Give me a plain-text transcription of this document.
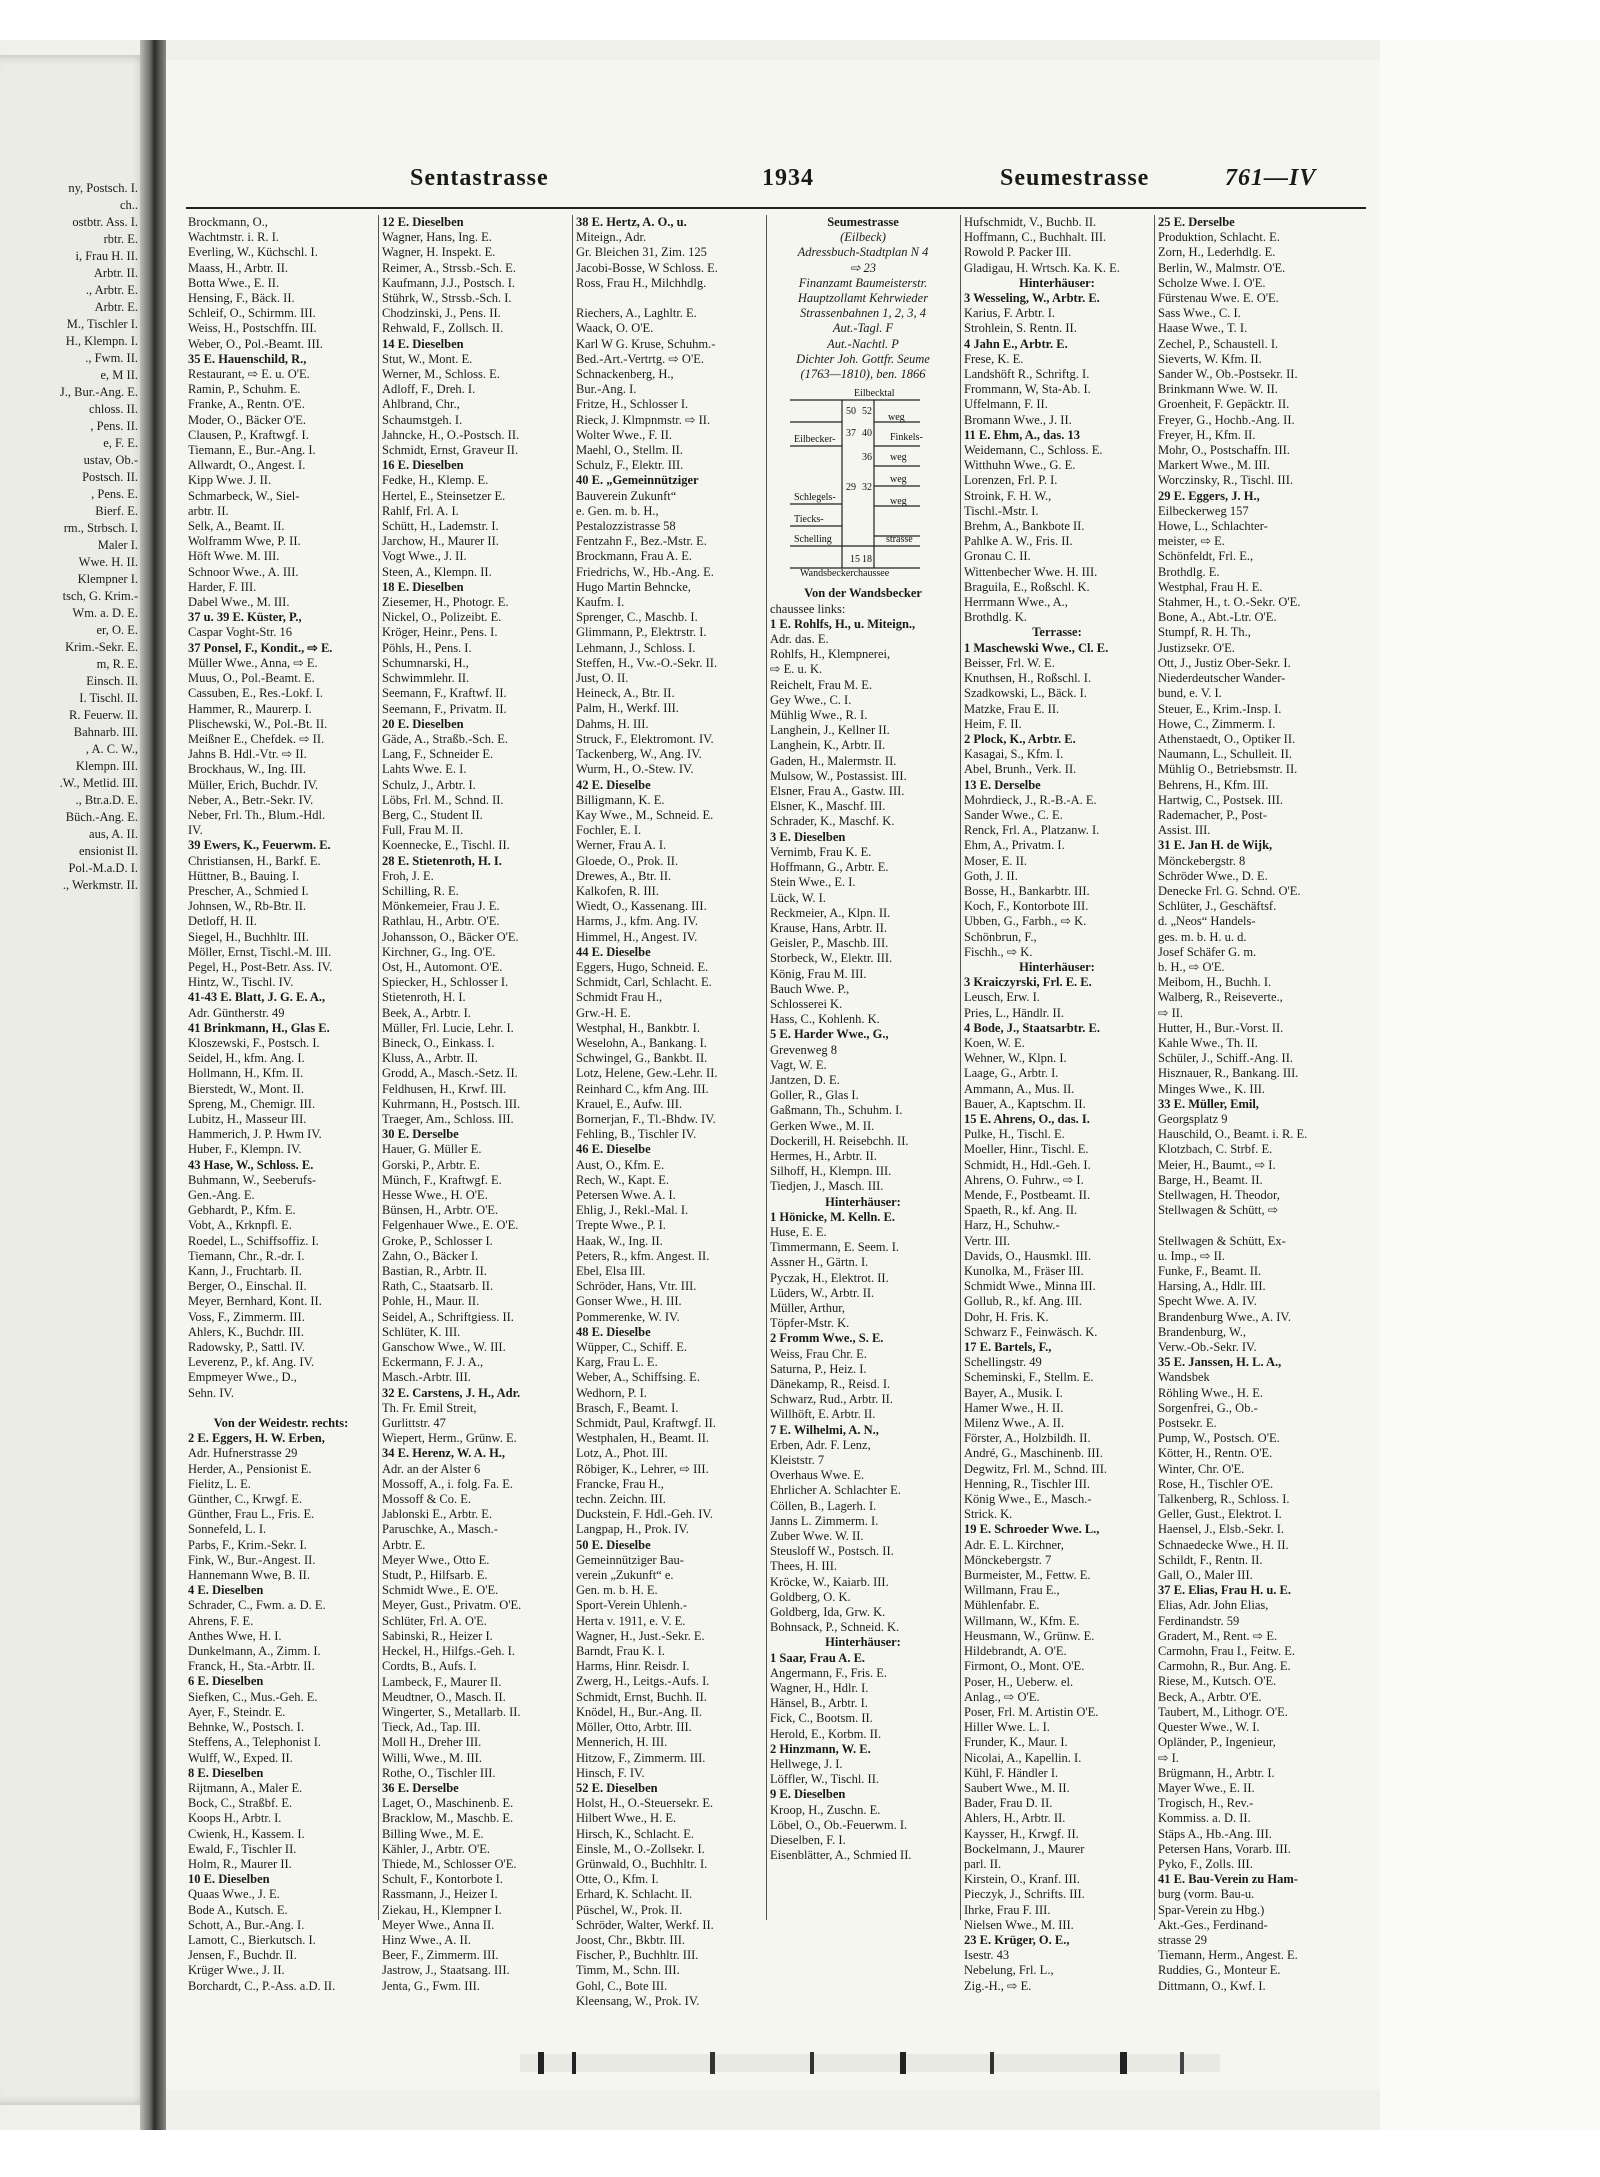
ny, Postsch. I.
ch..
ostbtr. Ass. I.
rbtr. E.
i, Frau H. II.
Arbtr. II.
., Arbtr. E.
Arbtr. E.
M., Tischler I.
H., Klempn. I.
., Fwm. II.
e, M II.
J., Bur.-Ang. E.
chloss. II.
, Pens. II.
e, F. E.
ustav, Ob.-
Postsch. II.
, Pens. E.
Bierf. E.
rm., Strbsch. I.
Maler I.
Wwe. H. II.
Klempner I.
tsch, G. Krim.-
Wm. a. D. E.
er, O. E.
Krim.-Sekr. E.
m, R. E.
Einsch. II.
I. Tischl. II.
R. Feuerw. II.
Bahnarb. III.
, A. C. W.,
Klempn. III.
.W., Metlid. III.
., Btr.a.D. E.
Büch.-Ang. E.
aus, A. II.
ensionist II.
Pol.-M.a.D. I.
., Werkmstr. II.
Sentastrasse	1934	Seumestrasse	761—IV
Brockmann, O.,
Wachtmstr. i. R. I.
Everling, W., Küchschl. I.
Maass, H., Arbtr. II.
Botta Wwe., E. II.
Hensing, F., Bäck. II.
Schleif, O., Schirmm. III.
Weiss, H., Postschffn. III.
Weber, O., Pol.-Beamt. III.
35 E. Hauenschild, R.,
Restaurant, ⇨ E. u. O'E.
Ramin, P., Schuhm. E.
Franke, A., Rentn. O'E.
Moder, O., Bäcker O'E.
Clausen, P., Kraftwgf. I.
Tiemann, E., Bur.-Ang. I.
Allwardt, O., Angest. I.
Kipp Wwe. J. II.
Schmarbeck, W., Siel-
arbtr. II.
Selk, A., Beamt. II.
Wolframm Wwe, P. II.
Höft Wwe. M. III.
Schnoor Wwe., A. III.
Harder, F. III.
Dabel Wwe., M. III.
37 u. 39 E. Küster, P.,
Caspar Voght-Str. 16
37 Ponsel, F., Kondit., ⇨ E.
Müller Wwe., Anna, ⇨ E.
Muus, O., Pol.-Beamt. E.
Cassuben, E., Res.-Lokf. I.
Hammer, R., Maurerp. I.
Plischewski, W., Pol.-Bt. II.
Meißner E., Chefdek. ⇨ II.
Jahns B. Hdl.-Vtr. ⇨ II.
Brockhaus, W., Ing. III.
Müller, Erich, Buchdr. IV.
Neber, A., Betr.-Sekr. IV.
Neber, Frl. Th., Blum.-Hdl.
IV.
39 Ewers, K., Feuerwm. E.
Christiansen, H., Barkf. E.
Hüttner, B., Bauing. I.
Prescher, A., Schmied I.
Johnsen, W., Rb-Btr. II.
Detloff, H. II.
Siegel, H., Buchhltr. III.
Möller, Ernst, Tischl.-M. III.
Pegel, H., Post-Betr. Ass. IV.
Hintz, W., Tischl. IV.
41-43 E. Blatt, J. G. E. A.,
Adr. Güntherstr. 49
41 Brinkmann, H., Glas E.
Kloszewski, F., Postsch. I.
Seidel, H., kfm. Ang. I.
Hollmann, H., Kfm. II.
Bierstedt, W., Mont. II.
Spreng, M., Chemigr. III.
Lubitz, H., Masseur III.
Hammerich, J. P. Hwm IV.
Huber, F., Klempn. IV.
43 Hase, W., Schloss. E.
Buhmann, W., Seeberufs-
Gen.-Ang. E.
Gebhardt, P., Kfm. E.
Vobt, A., Krknpfl. E.
Roedel, L., Schiffsoffiz. I.
Tiemann, Chr., R.-dr. I.
Kann, J., Fruchtarb. II.
Berger, O., Einschal. II.
Meyer, Bernhard, Kont. II.
Voss, F., Zimmerm. III.
Ahlers, K., Buchdr. III.
Radowsky, P., Sattl. IV.
Leverenz, P., kf. Ang. IV.
Empmeyer Wwe., D.,
Sehn. IV.
Von der Weidestr. rechts:
2 E. Eggers, H. W. Erben,
Adr. Hufnerstrasse 29
Herder, A., Pensionist E.
Fielitz, L. E.
Günther, C., Krwgf. E.
Günther, Frau L., Fris. E.
Sonnefeld, L. I.
Parbs, F., Krim.-Sekr. I.
Fink, W., Bur.-Angest. II.
Hannemann Wwe, B. II.
4 E. Dieselben
Schrader, C., Fwm. a. D. E.
Ahrens, F. E.
Anthes Wwe, H. I.
Dunkelmann, A., Zimm. I.
Franck, H., Sta.-Arbtr. II.
6 E. Dieselben
Siefken, C., Mus.-Geh. E.
Ayer, F., Steindr. E.
Behnke, W., Postsch. I.
Steffens, A., Telephonist I.
Wulff, W., Exped. II.
8 E. Dieselben
Rijtmann, A., Maler E.
Bock, C., Straßbf. E.
Koops H., Arbtr. I.
Cwienk, H., Kassem. I.
Ewald, F., Tischler II.
Holm, R., Maurer II.
10 E. Dieselben
Quaas Wwe., J. E.
Bode A., Kutsch. E.
Schott, A., Bur.-Ang. I.
Lamott, C., Bierkutsch. I.
Jensen, F., Buchdr. II.
Krüger Wwe., J. II.
Borchardt, C., P.-Ass. a.D. II.
12 E. Dieselben
Wagner, Hans, Ing. E.
Wagner, H. Inspekt. E.
Reimer, A., Strssb.-Sch. E.
Kaufmann, J.J., Postsch. I.
Stührk, W., Strssb.-Sch. I.
Chodzinski, J., Pens. II.
Rehwald, F., Zollsch. II.
14 E. Dieselben
Stut, W., Mont. E.
Werner, M., Schloss. E.
Adloff, F., Dreh. I.
Ahlbrand, Chr.,
Schaumstgeh. I.
Jahncke, H., O.-Postsch. II.
Schmidt, Ernst, Graveur II.
16 E. Dieselben
Fedke, H., Klemp. E.
Hertel, E., Steinsetzer E.
Rahlf, Frl. A. I.
Schütt, H., Lademstr. I.
Jarchow, H., Maurer II.
Vogt Wwe., J. II.
Steen, A., Klempn. II.
18 E. Dieselben
Ziesemer, H., Photogr. E.
Nickel, O., Polizeibt. E.
Kröger, Heinr., Pens. I.
Pöhls, H., Pens. I.
Schumnarski, H.,
Schwimmlehr. II.
Seemann, F., Kraftwf. II.
Seemann, F., Privatm. II.
20 E. Dieselben
Gäde, A., Straßb.-Sch. E.
Lang, F., Schneider E.
Lahts Wwe. E. I.
Schulz, J., Arbtr. I.
Löbs, Frl. M., Schnd. II.
Berg, C., Student II.
Full, Frau M. II.
Koennecke, E., Tischl. II.
28 E. Stietenroth, H. I.
Froh, J. E.
Schilling, R. E.
Mönkemeier, Frau J. E.
Rathlau, H., Arbtr. O'E.
Johansson, O., Bäcker O'E.
Kirchner, G., Ing. O'E.
Ost, H., Automont. O'E.
Spiecker, H., Schlosser I.
Stietenroth, H. I.
Beek, A., Arbtr. I.
Müller, Frl. Lucie, Lehr. I.
Bineck, O., Einkass. I.
Kluss, A., Arbtr. II.
Grodd, A., Masch.-Setz. II.
Feldhusen, H., Krwf. III.
Kuhrmann, H., Postsch. III.
Traeger, Am., Schloss. III.
30 E. Derselbe
Hauer, G. Müller E.
Gorski, P., Arbtr. E.
Münch, F., Kraftwgf. E.
Hesse Wwe., H. O'E.
Bünsen, H., Arbtr. O'E.
Felgenhauer Wwe., E. O'E.
Groke, P., Schlosser I.
Zahn, O., Bäcker I.
Bastian, R., Arbtr. II.
Rath, C., Staatsarb. II.
Pohle, H., Maur. II.
Seidel, A., Schriftgiess. II.
Schlüter, K. III.
Ganschow Wwe., W. III.
Eckermann, F. J. A.,
Masch.-Arbtr. III.
32 E. Carstens, J. H., Adr.
Th. Fr. Emil Streit,
Gurlittstr. 47
Wiepert, Herm., Grünw. E.
34 E. Herenz, W. A. H.,
Adr. an der Alster 6
Mossoff, A., i. folg. Fa. E.
Mossoff & Co. E.
Jablonski E., Arbtr. E.
Paruschke, A., Masch.-
Arbtr. E.
Meyer Wwe., Otto E.
Studt, P., Hilfsarb. E.
Schmidt Wwe., E. O'E.
Meyer, Gust., Privatm. O'E.
Schlüter, Frl. A. O'E.
Sabinski, R., Heizer I.
Heckel, H., Hilfgs.-Geh. I.
Cordts, B., Aufs. I.
Lambeck, F., Maurer II.
Meudtner, O., Masch. II.
Wingerter, S., Metallarb. II.
Tieck, Ad., Tap. III.
Moll H., Dreher III.
Willi, Wwe., M. III.
Rothe, O., Tischler III.
36 E. Derselbe
Laget, O., Maschinenb. E.
Bracklow, M., Maschb. E.
Billing Wwe., M. E.
Kähler, J., Arbtr. O'E.
Thiede, M., Schlosser O'E.
Schult, F., Kontorbote I.
Rassmann, J., Heizer I.
Ziekau, H., Klempner I.
Meyer Wwe., Anna II.
Hinz Wwe., A. II.
Beer, F., Zimmerm. III.
Jastrow, J., Staatsang. III.
Jenta, G., Fwm. III.
38 E. Hertz, A. O., u.
Miteign., Adr.
Gr. Bleichen 31, Zim. 125
Jacobi-Bosse, W Schloss. E.
Ross, Frau H., Milchhdlg.
Riechers, A., Laghltr. E.
Waack, O. O'E.
Karl W G. Kruse, Schuhm.-
Bed.-Art.-Vertrtg. ⇨ O'E.
Schnackenberg, H.,
Bur.-Ang. I.
Fritze, H., Schlosser I.
Rieck, J. Klmpnmstr. ⇨ II.
Wolter Wwe., F. II.
Maehl, O., Stellm. II.
Schulz, F., Elektr. III.
40 E. „Gemeinnütziger
Bauverein Zukunft“
e. Gen. m. b. H.,
Pestalozzistrasse 58
Fentzahn F., Bez.-Mstr. E.
Brockmann, Frau A. E.
Friedrichs, W., Hb.-Ang. E.
Hugo Martin Behncke,
Kaufm. I.
Sprenger, C., Maschb. I.
Glimmann, P., Elektrstr. I.
Lehmann, J., Schloss. I.
Steffen, H., Vw.-O.-Sekr. II.
Just, O. II.
Heineck, A., Btr. II.
Palm, H., Werkf. III.
Dahms, H. III.
Struck, F., Elektromont. IV.
Tackenberg, W., Ang. IV.
Wurm, H., O.-Stew. IV.
42 E. Dieselbe
Billigmann, K. E.
Kay Wwe., M., Schneid. E.
Fochler, E. I.
Werner, Frau A. I.
Gloede, O., Prok. II.
Drewes, A., Btr. II.
Kalkofen, R. III.
Wiedt, O., Kassenang. III.
Harms, J., kfm. Ang. IV.
Himmel, H., Angest. IV.
44 E. Dieselbe
Eggers, Hugo, Schneid. E.
Schmidt, Carl, Schlacht. E.
Schmidt Frau H.,
Grw.-H. E.
Westphal, H., Bankbtr. I.
Weselohn, A., Bankang. I.
Schwingel, G., Bankbt. II.
Lotz, Helene, Gew.-Lehr. II.
Reinhard C., kfm Ang. III.
Krauel, E., Aufw. III.
Bornerjan, F., Tl.-Bhdw. IV.
Fehling, B., Tischler IV.
46 E. Dieselbe
Aust, O., Kfm. E.
Rech, W., Kapt. E.
Petersen Wwe. A. I.
Ehlig, J., Rekl.-Mal. I.
Trepte Wwe., P. I.
Haak, W., Ing. II.
Peters, R., kfm. Angest. II.
Ebel, Elsa III.
Schröder, Hans, Vtr. III.
Gonser Wwe., H. III.
Pommerenke, W. IV.
48 E. Dieselbe
Wüpper, C., Schiff. E.
Karg, Frau L. E.
Weber, A., Schiffsing. E.
Wedhorn, P. I.
Brasch, F., Beamt. I.
Schmidt, Paul, Kraftwgf. II.
Westphalen, H., Beamt. II.
Lotz, A., Phot. III.
Röbiger, K., Lehrer, ⇨ III.
Francke, Frau H.,
techn. Zeichn. III.
Duckstein, F. Hdl.-Geh. IV.
Langpap, H., Prok. IV.
50 E. Dieselbe
Gemeinnütziger Bau-
verein „Zukunft“ e.
Gen. m. b. H. E.
Sport-Verein Uhlenh.-
Herta v. 1911, e. V. E.
Wagner, H., Just.-Sekr. E.
Barndt, Frau K. I.
Harms, Hinr. Reisdr. I.
Zwerg, H., Leitgs.-Aufs. I.
Schmidt, Ernst, Buchh. II.
Knödel, H., Bur.-Ang. II.
Möller, Otto, Arbtr. III.
Mennerich, H. III.
Hitzow, F., Zimmerm. III.
Hinsch, F. IV.
52 E. Dieselben
Holst, H., O.-Steuersekr. E.
Hilbert Wwe., H. E.
Hirsch, K., Schlacht. E.
Einsle, M., O.-Zollsekr. I.
Grünwald, O., Buchhltr. I.
Otte, O., Kfm. I.
Erhard, K. Schlacht. II.
Püschel, W., Prok. II.
Schröder, Walter, Werkf. II.
Joost, Chr., Bkbtr. III.
Fischer, P., Buchhltr. III.
Timm, M., Schn. III.
Gohl, C., Bote III.
Kleensang, W., Prok. IV.
Seumestrasse
(Eilbeck)
Adressbuch-Stadtplan N 4
⇨ 23
Finanzamt Baumeisterstr.
Hauptzollamt Kehrwieder
Strassenbahnen 1, 2, 3, 4
Aut.-Tagl. F
Aut.-Nachtl. P
Dichter Joh. Gottfr. Seume
(1763—1810), ben. 1866
Eilbecktal
Eilbecker-
weg
Finkels-
weg
weg
Schlegels-	weg
Tiecks-
Schelling	strasse
50 52
37 40
36
29 32
15 18
Wandsbeckerchaussee
Von der Wandsbecker
chaussee links:
1 E. Rohlfs, H., u. Miteign.,
Adr. das. E.
Rohlfs, H., Klempnerei,
⇨ E. u. K.
Reichelt, Frau M. E.
Gey Wwe., C. I.
Mühlig Wwe., R. I.
Langhein, J., Kellner II.
Langhein, K., Arbtr. II.
Gaden, H., Malermstr. II.
Mulsow, W., Postassist. III.
Elsner, Frau A., Gastw. III.
Elsner, K., Maschf. III.
Schrader, K., Maschf. K.
3 E. Dieselben
Vernimb, Frau K. E.
Hoffmann, G., Arbtr. E.
Stein Wwe., E. I.
Lück, W. I.
Reckmeier, A., Klpn. II.
Krause, Hans, Arbtr. II.
Geisler, P., Maschb. III.
Storbeck, W., Elektr. III.
König, Frau M. III.
Bauch Wwe. P.,
Schlosserei K.
Hass, C., Kohlenh. K.
5 E. Harder Wwe., G.,
Grevenweg 8
Vagt, W. E.
Jantzen, D. E.
Goller, R., Glas I.
Gaßmann, Th., Schuhm. I.
Gerken Wwe., M. II.
Dockerill, H. Reisebchh. II.
Hermes, H., Arbtr. II.
Silhoff, H., Klempn. III.
Tiedjen, J., Masch. III.
Hinterhäuser:
1 Hönicke, M. Kelln. E.
Huse, E. E.
Timmermann, E. Seem. I.
Assner H., Gärtn. I.
Pyczak, H., Elektrot. II.
Lüders, W., Arbtr. II.
Müller, Arthur,
Töpfer-Mstr. K.
2 Fromm Wwe., S. E.
Weiss, Frau Chr. E.
Saturna, P., Heiz. I.
Dänekamp, R., Reisd. I.
Schwarz, Rud., Arbtr. II.
Willhöft, E. Arbtr. II.
7 E. Wilhelmi, A. N.,
Erben, Adr. F. Lenz,
Kleiststr. 7
Overhaus Wwe. E.
Ehrlicher A. Schlachter E.
Cöllen, B., Lagerh. I.
Janns L. Zimmerm. I.
Zuber Wwe. W. II.
Steusloff W., Postsch. II.
Thees, H. III.
Kröcke, W., Kaiarb. III.
Goldberg, O. K.
Goldberg, Ida, Grw. K.
Bohnsack, P., Schneid. K.
Hinterhäuser:
1 Saar, Frau A. E.
Angermann, F., Fris. E.
Wagner, H., Hdlr. I.
Hänsel, B., Arbtr. I.
Fick, C., Bootsm. II.
Herold, E., Korbm. II.
2 Hinzmann, W. E.
Hellwege, J. I.
Löffler, W., Tischl. II.
9 E. Dieselben
Kroop, H., Zuschn. E.
Löbel, O., Ob.-Feuerwm. I.
Dieselben, F. I.
Eisenblätter, A., Schmied II.
Hufschmidt, V., Buchb. II.
Hoffmann, C., Buchhalt. III.
Rowold P. Packer III.
Gladigau, H. Wrtsch. Ka. K. E.
Hinterhäuser:
3 Wesseling, W., Arbtr. E.
Karius, F. Arbtr. I.
Strohlein, S. Rentn. II.
4 Jahn E., Arbtr. E.
Frese, K. E.
Landshöft R., Schriftg. I.
Frommann, W, Sta-Ab. I.
Uffelmann, F. II.
Bromann Wwe., J. II.
11 E. Ehm, A., das. 13
Weidemann, C., Schloss. E.
Witthuhn Wwe., G. E.
Lorenzen, Frl. P. I.
Stroink, F. H. W.,
Tischl.-Mstr. I.
Brehm, A., Bankbote II.
Pahlke A. W., Fris. II.
Gronau C. II.
Wittenbecher Wwe. H. III.
Braguila, E., Roßschl. K.
Herrmann Wwe., A.,
Brothdlg. K.
Terrasse:
1 Maschewski Wwe., Cl. E.
Beisser, Frl. W. E.
Knuthsen, H., Roßschl. I.
Szadkowski, L., Bäck. I.
Matzke, Frau E. II.
Heim, F. II.
2 Plock, K., Arbtr. E.
Kasagai, S., Kfm. I.
Abel, Brunh., Verk. II.
13 E. Derselbe
Mohrdieck, J., R.-B.-A. E.
Sander Wwe., C. E.
Renck, Frl. A., Platzanw. I.
Ehm, A., Privatm. I.
Moser, E. II.
Goth, J. II.
Bosse, H., Bankarbtr. III.
Koch, F., Kontorbote III.
Ubben, G., Farbh., ⇨ K.
Schönbrun, F.,
Fischh., ⇨ K.
Hinterhäuser:
3 Kraiczyrski, Frl. E. E.
Leusch, Erw. I.
Pries, L., Händlr. II.
4 Bode, J., Staatsarbtr. E.
Koen, W. E.
Wehner, W., Klpn. I.
Laage, G., Arbtr. I.
Ammann, A., Mus. II.
Bauer, A., Kaptschm. II.
15 E. Ahrens, O., das. I.
Pulke, H., Tischl. E.
Moeller, Hinr., Tischl. E.
Schmidt, H., Hdl.-Geh. I.
Ahrens, O. Fuhrw., ⇨ I.
Mende, F., Postbeamt. II.
Spaeth, R., kf. Ang. II.
Harz, H., Schuhw.-
Vertr. III.
Davids, O., Hausmkl. III.
Kunolka, M., Fräser III.
Schmidt Wwe., Minna III.
Gollub, R., kf. Ang. III.
Dohr, H. Fris. K.
Schwarz F., Feinwäsch. K.
17 E. Bartels, F.,
Schellingstr. 49
Scheminski, F., Stellm. E.
Bayer, A., Musik. I.
Hamer Wwe., H. II.
Milenz Wwe., A. II.
Förster, A., Holzbildh. II.
André, G., Maschinenb. III.
Degwitz, Frl. M., Schnd. III.
Henning, R., Tischler III.
König Wwe., E., Masch.-
Strick. K.
19 E. Schroeder Wwe. L.,
Adr. E. L. Kirchner,
Mönckebergstr. 7
Burmeister, M., Fettw. E.
Willmann, Frau E.,
Mühlenfabr. E.
Willmann, W., Kfm. E.
Heusmann, W., Grünw. E.
Hildebrandt, A. O'E.
Firmont, O., Mont. O'E.
Poser, H., Ueberw. el.
Anlag., ⇨ O'E.
Poser, Frl. M. Artistin O'E.
Hiller Wwe. L. I.
Frunder, K., Maur. I.
Nicolai, A., Kapellin. I.
Kühl, F. Händler I.
Saubert Wwe., M. II.
Bader, Frau D. II.
Ahlers, H., Arbtr. II.
Kaysser, H., Krwgf. II.
Bockelmann, J., Maurer
parl. II.
Kirstein, O., Kranf. III.
Pieczyk, J., Schrifts. III.
Ihrke, Frau F. III.
Nielsen Wwe., M. III.
23 E. Krüger, O. E.,
Isestr. 43
Nebelung, Frl. L.,
Zig.-H., ⇨ E.
25 E. Derselbe
Produktion, Schlacht. E.
Zorn, H., Lederhdlg. E.
Berlin, W., Malmstr. O'E.
Scholze Wwe. I. O'E.
Fürstenau Wwe. E. O'E.
Sass Wwe., C. I.
Haase Wwe., T. I.
Zechel, P., Schaustell. I.
Sieverts, W. Kfm. II.
Sander W., Ob.-Postsekr. II.
Brinkmann Wwe. W. II.
Groenheit, F. Gepäcktr. II.
Freyer, G., Hochb.-Ang. II.
Freyer, H., Kfm. II.
Mohr, O., Postschaffn. III.
Markert Wwe., M. III.
Worczinsky, R., Tischl. III.
29 E. Eggers, J. H.,
Eilbeckerweg 157
Howe, L., Schlachter-
meister, ⇨ E.
Schönfeldt, Frl. E.,
Brothdlg. E.
Westphal, Frau H. E.
Stahmer, H., t. O.-Sekr. O'E.
Bone, A., Abt.-Ltr. O'E.
Stumpf, R. H. Th.,
Justizsekr. O'E.
Ott, J., Justiz Ober-Sekr. I.
Niederdeutscher Wander-
bund, e. V. I.
Steuer, E., Krim.-Insp. I.
Howe, C., Zimmerm. I.
Athenstaedt, O., Optiker II.
Naumann, L., Schulleit. II.
Mühlig O., Betriebsmstr. II.
Behrens, H., Kfm. III.
Hartwig, C., Postsek. III.
Rademacher, P., Post-
Assist. III.
31 E. Jan H. de Wijk,
Mönckebergstr. 8
Schröder Wwe., D. E.
Denecke Frl. G. Schnd. O'E.
Schlüter, J., Geschäftsf.
d. „Neos“ Handels-
ges. m. b. H. u. d.
Josef Schäfer G. m.
b. H., ⇨ O'E.
Meibom, H., Buchh. I.
Walberg, R., Reiseverte.,
⇨ II.
Hutter, H., Bur.-Vorst. II.
Kahle Wwe., Th. II.
Schüler, J., Schiff.-Ang. II.
Hisznauer, R., Bankang. III.
Minges Wwe., K. III.
33 E. Müller, Emil,
Georgsplatz 9
Hauschild, O., Beamt. i. R. E.
Klotzbach, C. Strbf. E.
Meier, H., Baumt., ⇨ I.
Barge, H., Beamt. II.
Stellwagen, H. Theodor,
Stellwagen & Schütt, ⇨
Stellwagen & Schütt, Ex-
u. Imp., ⇨ II.
Funke, F., Beamt. II.
Harsing, A., Hdlr. III.
Specht Wwe. A. IV.
Brandenburg Wwe., A. IV.
Brandenburg, W.,
Verw.-Ob.-Sekr. IV.
35 E. Janssen, H. L. A.,
Wandsbek
Röhling Wwe., H. E.
Sorgenfrei, G., Ob.-
Postsekr. E.
Pump, W., Postsch. O'E.
Kötter, H., Rentn. O'E.
Winter, Chr. O'E.
Rose, H., Tischler O'E.
Talkenberg, R., Schloss. I.
Geller, Gust., Elektrot. I.
Haensel, J., Elsb.-Sekr. I.
Schnaedecke Wwe., H. II.
Schildt, F., Rentn. II.
Gall, O., Maler III.
37 E. Elias, Frau H. u. E.
Elias, Adr. John Elias,
Ferdinandstr. 59
Gradert, M., Rent. ⇨ E.
Carmohn, Frau I., Feitw. E.
Carmohn, R., Bur. Ang. E.
Riese, M., Kutsch. O'E.
Beck, A., Arbtr. O'E.
Taubert, M., Lithogr. O'E.
Quester Wwe., W. I.
Opländer, P., Ingenieur,
⇨ I.
Brügmann, H., Arbtr. I.
Mayer Wwe., E. II.
Trogisch, H., Rev.-
Kommiss. a. D. II.
Stäps A., Hb.-Ang. III.
Petersen Hans, Vorarb. III.
Pyko, F., Zolls. III.
41 E. Bau-Verein zu Ham-
burg (vorm. Bau-u.
Spar-Verein zu Hbg.)
Akt.-Ges., Ferdinand-
strasse 29
Tiemann, Herm., Angest. E.
Ruddies, G., Monteur E.
Dittmann, O., Kwf. I.
